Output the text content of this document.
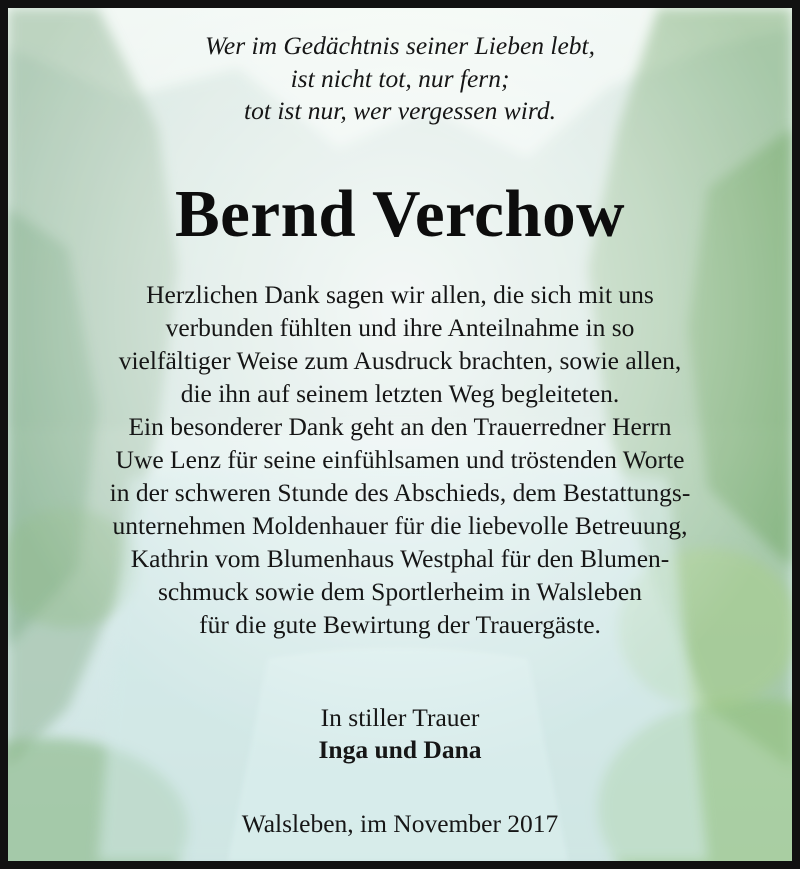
Wer im Gedächtnis seiner Lieben lebt,
ist nicht tot, nur fern;
tot ist nur, wer vergessen wird.
Bernd Verchow
Herzlichen Dank sagen wir allen, die sich mit uns
verbunden fühlten und ihre Anteilnahme in so
vielfältiger Weise zum Ausdruck brachten, sowie allen,
die ihn auf seinem letzten Weg begleiteten.
Ein besonderer Dank geht an den Trauerredner Herrn
Uwe Lenz für seine einfühlsamen und tröstenden Worte
in der schweren Stunde des Abschieds, dem Bestattungs-
unternehmen Moldenhauer für die liebevolle Betreuung,
Kathrin vom Blumenhaus Westphal für den Blumen-
schmuck sowie dem Sportlerheim in Walsleben
für die gute Bewirtung der Trauergäste.
In stiller Trauer
Inga und Dana
Walsleben, im November 2017
